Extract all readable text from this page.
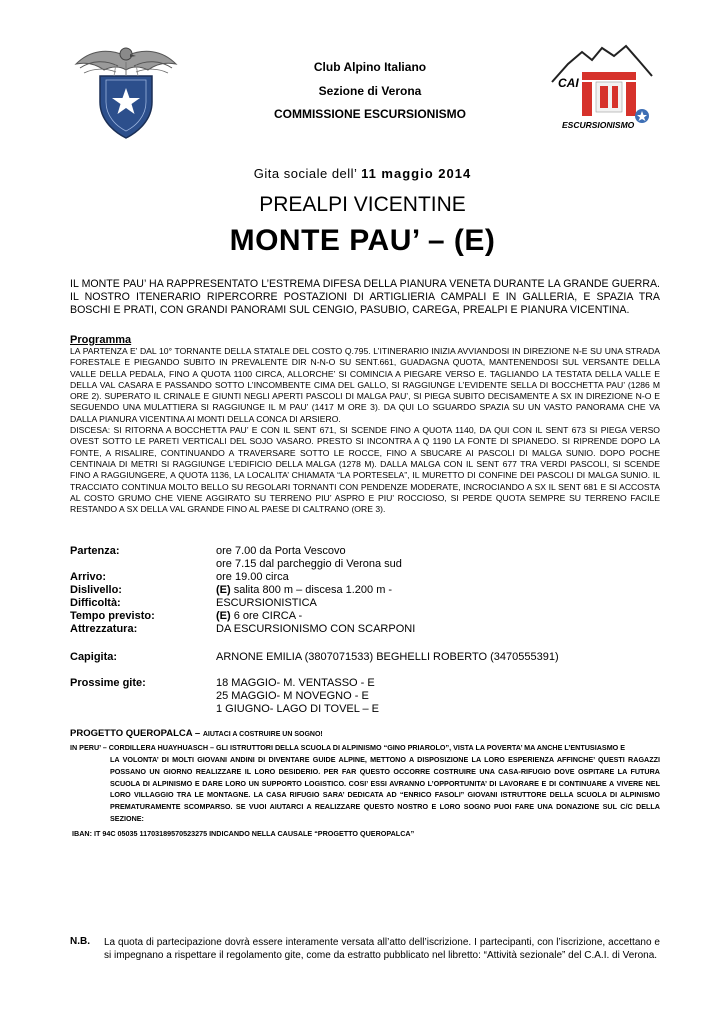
Club Alpino Italiano
Sezione di Verona
COMMISSIONE ESCURSIONISMO
CAI
ESCURSIONISMO
Gita sociale dell’ 11 maggio 2014
PREALPI VICENTINE
MONTE PAU’ – (E)
IL MONTE PAU’ HA RAPPRESENTATO L’ESTREMA DIFESA DELLA PIANURA VENETA DURANTE LA GRANDE GUERRA. IL NOSTRO ITENERARIO RIPERCORRE POSTAZIONI DI ARTIGLIERIA CAMPALI E IN GALLERIA, E SPAZIA TRA BOSCHI E PRATI, CON GRANDI PANORAMI SUL CENGIO, PASUBIO, CAREGA, PREALPI E PIANURA VICENTINA.
Programma
LA PARTENZA E’ DAL 10° TORNANTE DELLA STATALE DEL COSTO Q.795. L’ITINERARIO INIZIA AVVIANDOSI IN DIREZIONE N-E SU UNA STRADA FORESTALE E PIEGANDO SUBITO IN PREVALENTE DIR N-N-O SU SENT.661, GUADAGNA QUOTA, MANTENENDOSI SUL VERSANTE DELLA VALLE DELLA PEDALA, FINO A QUOTA 1100 CIRCA, ALLORCHE’ SI COMINCIA A PIEGARE VERSO E. TAGLIANDO LA TESTATA DELLA VALLE E DELLA VAL CASARA E PASSANDO SOTTO L’INCOMBENTE CIMA DEL GALLO, SI RAGGIUNGE L’EVIDENTE SELLA DI BOCCHETTA PAU’ (1286 M ORE 2). SUPERATO IL CRINALE E GIUNTI NEGLI APERTI PASCOLI DI MALGA PAU’, SI PIEGA SUBITO DECISAMENTE A SX IN DIREZIONE N-O E SEGUENDO UNA MULATTIERA SI RAGGIUNGE IL M PAU’ (1417 M ORE 3). DA QUI LO SGUARDO SPAZIA SU UN VASTO PANORAMA CHE VA DALLA PIANURA VICENTINA AI MONTI DELLA CONCA DI ARSIERO.
DISCESA: SI RITORNA A BOCCHETTA PAU’ E CON IL SENT 671, SI SCENDE FINO A QUOTA 1140, DA QUI CON IL SENT 673 SI PIEGA VERSO OVEST SOTTO LE PARETI VERTICALI DEL SOJO VASARO. PRESTO SI INCONTRA A Q 1190 LA FONTE DI SPIANEDO. SI RIPRENDE DOPO LA FONTE, A RISALIRE, CONTINUANDO A TRAVERSARE SOTTO LE ROCCE, FINO A SBUCARE AI PASCOLI DI MALGA SUNIO. DOPO POCHE CENTINAIA DI METRI SI RAGGIUNGE L’EDIFICIO DELLA MALGA (1278 M). DALLA MALGA CON IL SENT 677 TRA VERDI PASCOLI, SI SCENDE FINO A RAGGIUNGERE, A QUOTA 1136, LA LOCALITA’ CHIAMATA “LA PORTESELA”, IL MURETTO DI CONFINE DEI PASCOLI DI MALGA SUNIO. IL TRACCIATO CONTINUA MOLTO BELLO SU REGOLARI TORNANTI CON PENDENZE MODERATE, INCROCIANDO A SX IL SENT 681 E SI ACCOSTA AL COSTO GRUMO CHE VIENE AGGIRATO SU TERRENO PIU’ ASPRO E PIU’ ROCCIOSO, SI PERDE QUOTA SEMPRE SU TERRENO FACILE RESTANDO A SX DELLA VAL GRANDE FINO AL PAESE DI CALTRANO (ORE 3).
Partenza:	ore 7.00 da Porta Vescovo
ore 7.15 dal parcheggio di Verona sud
Arrivo:	ore 19.00 circa
Dislivello:	(E) salita 800 m – discesa 1.200 m -
Difficoltà:	ESCURSIONISTICA
Tempo previsto:	(E) 6 ore CIRCA -
Attrezzatura:	DA ESCURSIONISMO CON SCARPONI
Capigita:	ARNONE EMILIA (3807071533) BEGHELLI ROBERTO (3470555391)
Prossime gite:	18 MAGGIO- M. VENTASSO - E
25 MAGGIO- M NOVEGNO - E
1 GIUGNO- LAGO DI TOVEL – E
PROGETTO QUEROPALCA – AIUTACI A COSTRUIRE UN SOGNO!
IN PERU’ – CORDILLERA HUAYHUASCH – GLI ISTRUTTORI DELLA SCUOLA DI ALPINISMO “GINO PRIAROLO”, VISTA LA POVERTA’ MA ANCHE L’ENTUSIASMO E
LA VOLONTA’ DI MOLTI GIOVANI ANDINI DI DIVENTARE GUIDE ALPINE, METTONO A DISPOSIZIONE LA LORO ESPERIENZA AFFINCHE’ QUESTI RAGAZZI POSSANO UN GIORNO REALIZZARE IL LORO DESIDERIO. PER FAR QUESTO OCCORRE COSTRUIRE UNA CASA-RIFUGIO DOVE OSPITARE LA FUTURA SCUOLA DI ALPINISMO E DARE LORO UN SUPPORTO LOGISTICO. COSI’ ESSI AVRANNO L’OPPORTUNITA’ DI LAVORARE E DI CONTINUARE A VIVERE NEL LORO VILLAGGIO TRA LE MONTAGNE. LA CASA RIFUGIO SARA’ DEDICATA AD “ENRICO FASOLI” GIOVANI ISTRUTTORE DELLA SCUOLA DI ALPINISMO PREMATURAMENTE SCOMPARSO. SE VUOI AIUTARCI A REALIZZARE QUESTO NOSTRO E LORO SOGNO PUOI FARE UNA DONAZIONE SUL C/C DELLA SEZIONE:
IBAN: IT 94C 05035 11703189570523275 INDICANDO NELLA CAUSALE “PROGETTO QUEROPALCA”
N.B. La quota di partecipazione dovrà essere interamente versata all’atto dell’iscrizione. I partecipanti, con l’iscrizione, accettano e si impegnano a rispettare il regolamento gite, come da estratto pubblicato nel libretto: “Attività sezionale” del C.A.I. di Verona.
